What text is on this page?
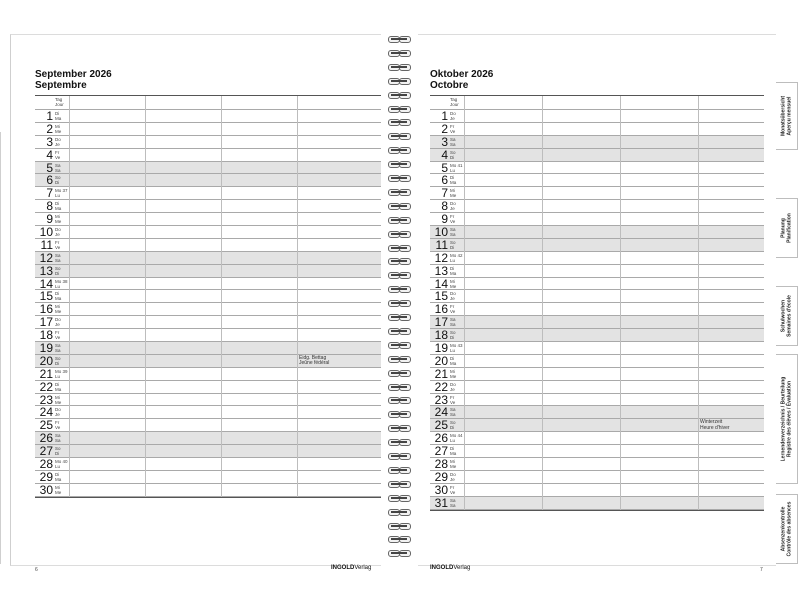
September 2026
Septembre
Tag
Jour
1 Di
Ma
2 Mi
Me
3 Do
Je
4 Fr
Ve
5 Sa
Sa
6 So
Di
7 Mo 37
Lu
8 Di
Ma
9 Mi
Me
10 Do
Je
11 Fr
Ve
12 Sa
Sa
13 So
Di
14 Mo 38
Lu
15 Di
Ma
16 Mi
Me
17 Do
Je
18 Fr
Ve
19 Sa
Sa
20 So
Di
Eidg. Bettag
Jeûne fédéral
21 Mo 39
Lu
22 Di
Ma
23 Mi
Me
24 Do
Je
25 Fr
Ve
26 Sa
Sa
27 So
Di
28 Mo 40
Lu
29 Di
Ma
30 Mi
Me
6	INGOLDVerlag
Oktober 2026
Octobre
Tag
Jour
1 Do
Je
2 Fr
Ve
3 Sa
Sa
4 So
Di
5 Mo 41
Lu
6 Di
Ma
7 Mi
Me
8 Do
Je
9 Fr
Ve
10 Sa
Sa
11 So
Di
12 Mo 42
Lu
13 Di
Ma
14 Mi
Me
15 Do
Je
16 Fr
Ve
17 Sa
Sa
18 So
Di
19 Mo 43
Lu
20 Di
Ma
21 Mi
Me
22 Do
Je
23 Fr
Ve
24 Sa
Sa
25 So
Di
Winterzeit
Heure d'hiver
26 Mo 44
Lu
27 Di
Ma
28 Mi
Me
29 Do
Je
30 Fr
Ve
31 Sa
Sa
INGOLDVerlag	7
Monatsübersicht Aperçu mensuel
Planung Planification
Schulwochen Semaines d'école
Lernendenverzeichnis / Beurteilung Registre des élèves / Évaluation
Absenzenkontrolle Contrôle des absences
